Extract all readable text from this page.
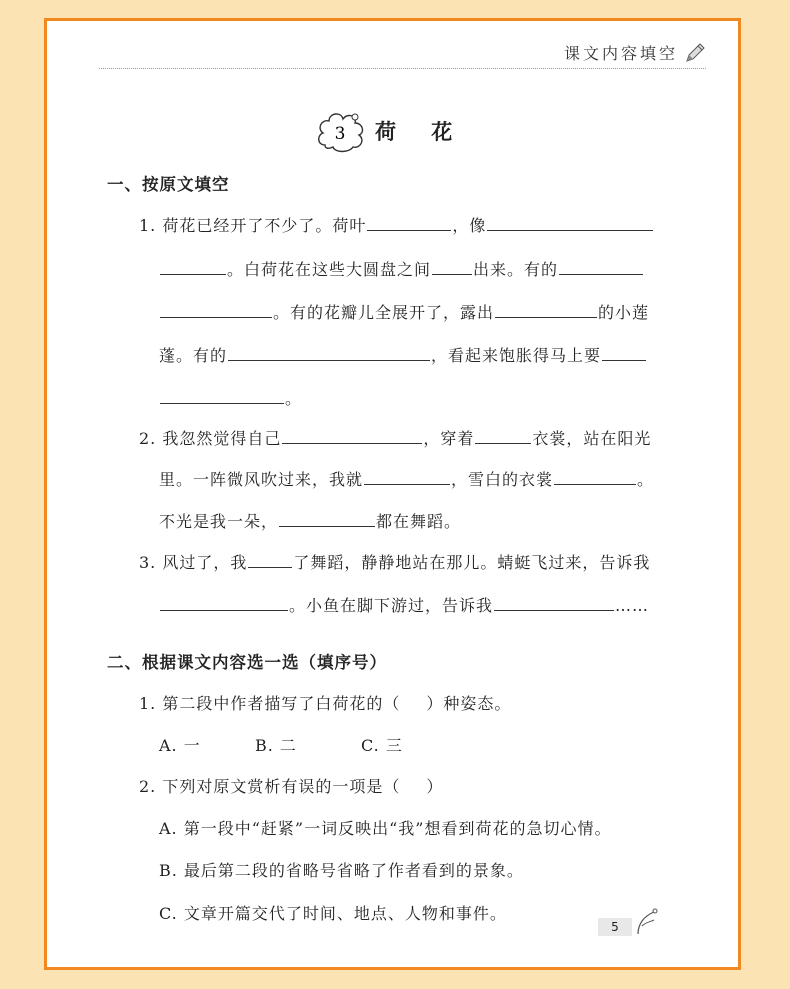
课文内容填空
3 荷 花
一、按原文填空
1. 荷花已经开了不少了。荷叶	，像
。白荷花在这些大圆盘之间	出来。有的
。有的花瓣儿全展开了，露出	的小莲
蓬。有的	，看起来饱胀得马上要
。
2. 我忽然觉得自己	，穿着	衣裳，站在阳光
里。一阵微风吹过来，我就	，雪白的衣裳	。
不光是我一朵，	都在舞蹈。
3. 风过了，我	了舞蹈，静静地站在那儿。蜻蜓飞过来，告诉我
。小鱼在脚下游过，告诉我	……
二、根据课文内容选一选（填序号）
1. 第二段中作者描写了白荷花的（ ）种姿态。
A. 一	B. 二	C. 三
2. 下列对原文赏析有误的一项是（ ）
A. 第一段中“赶紧”一词反映出“我”想看到荷花的急切心情。
B. 最后第二段的省略号省略了作者看到的景象。
C. 文章开篇交代了时间、地点、人物和事件。
5
